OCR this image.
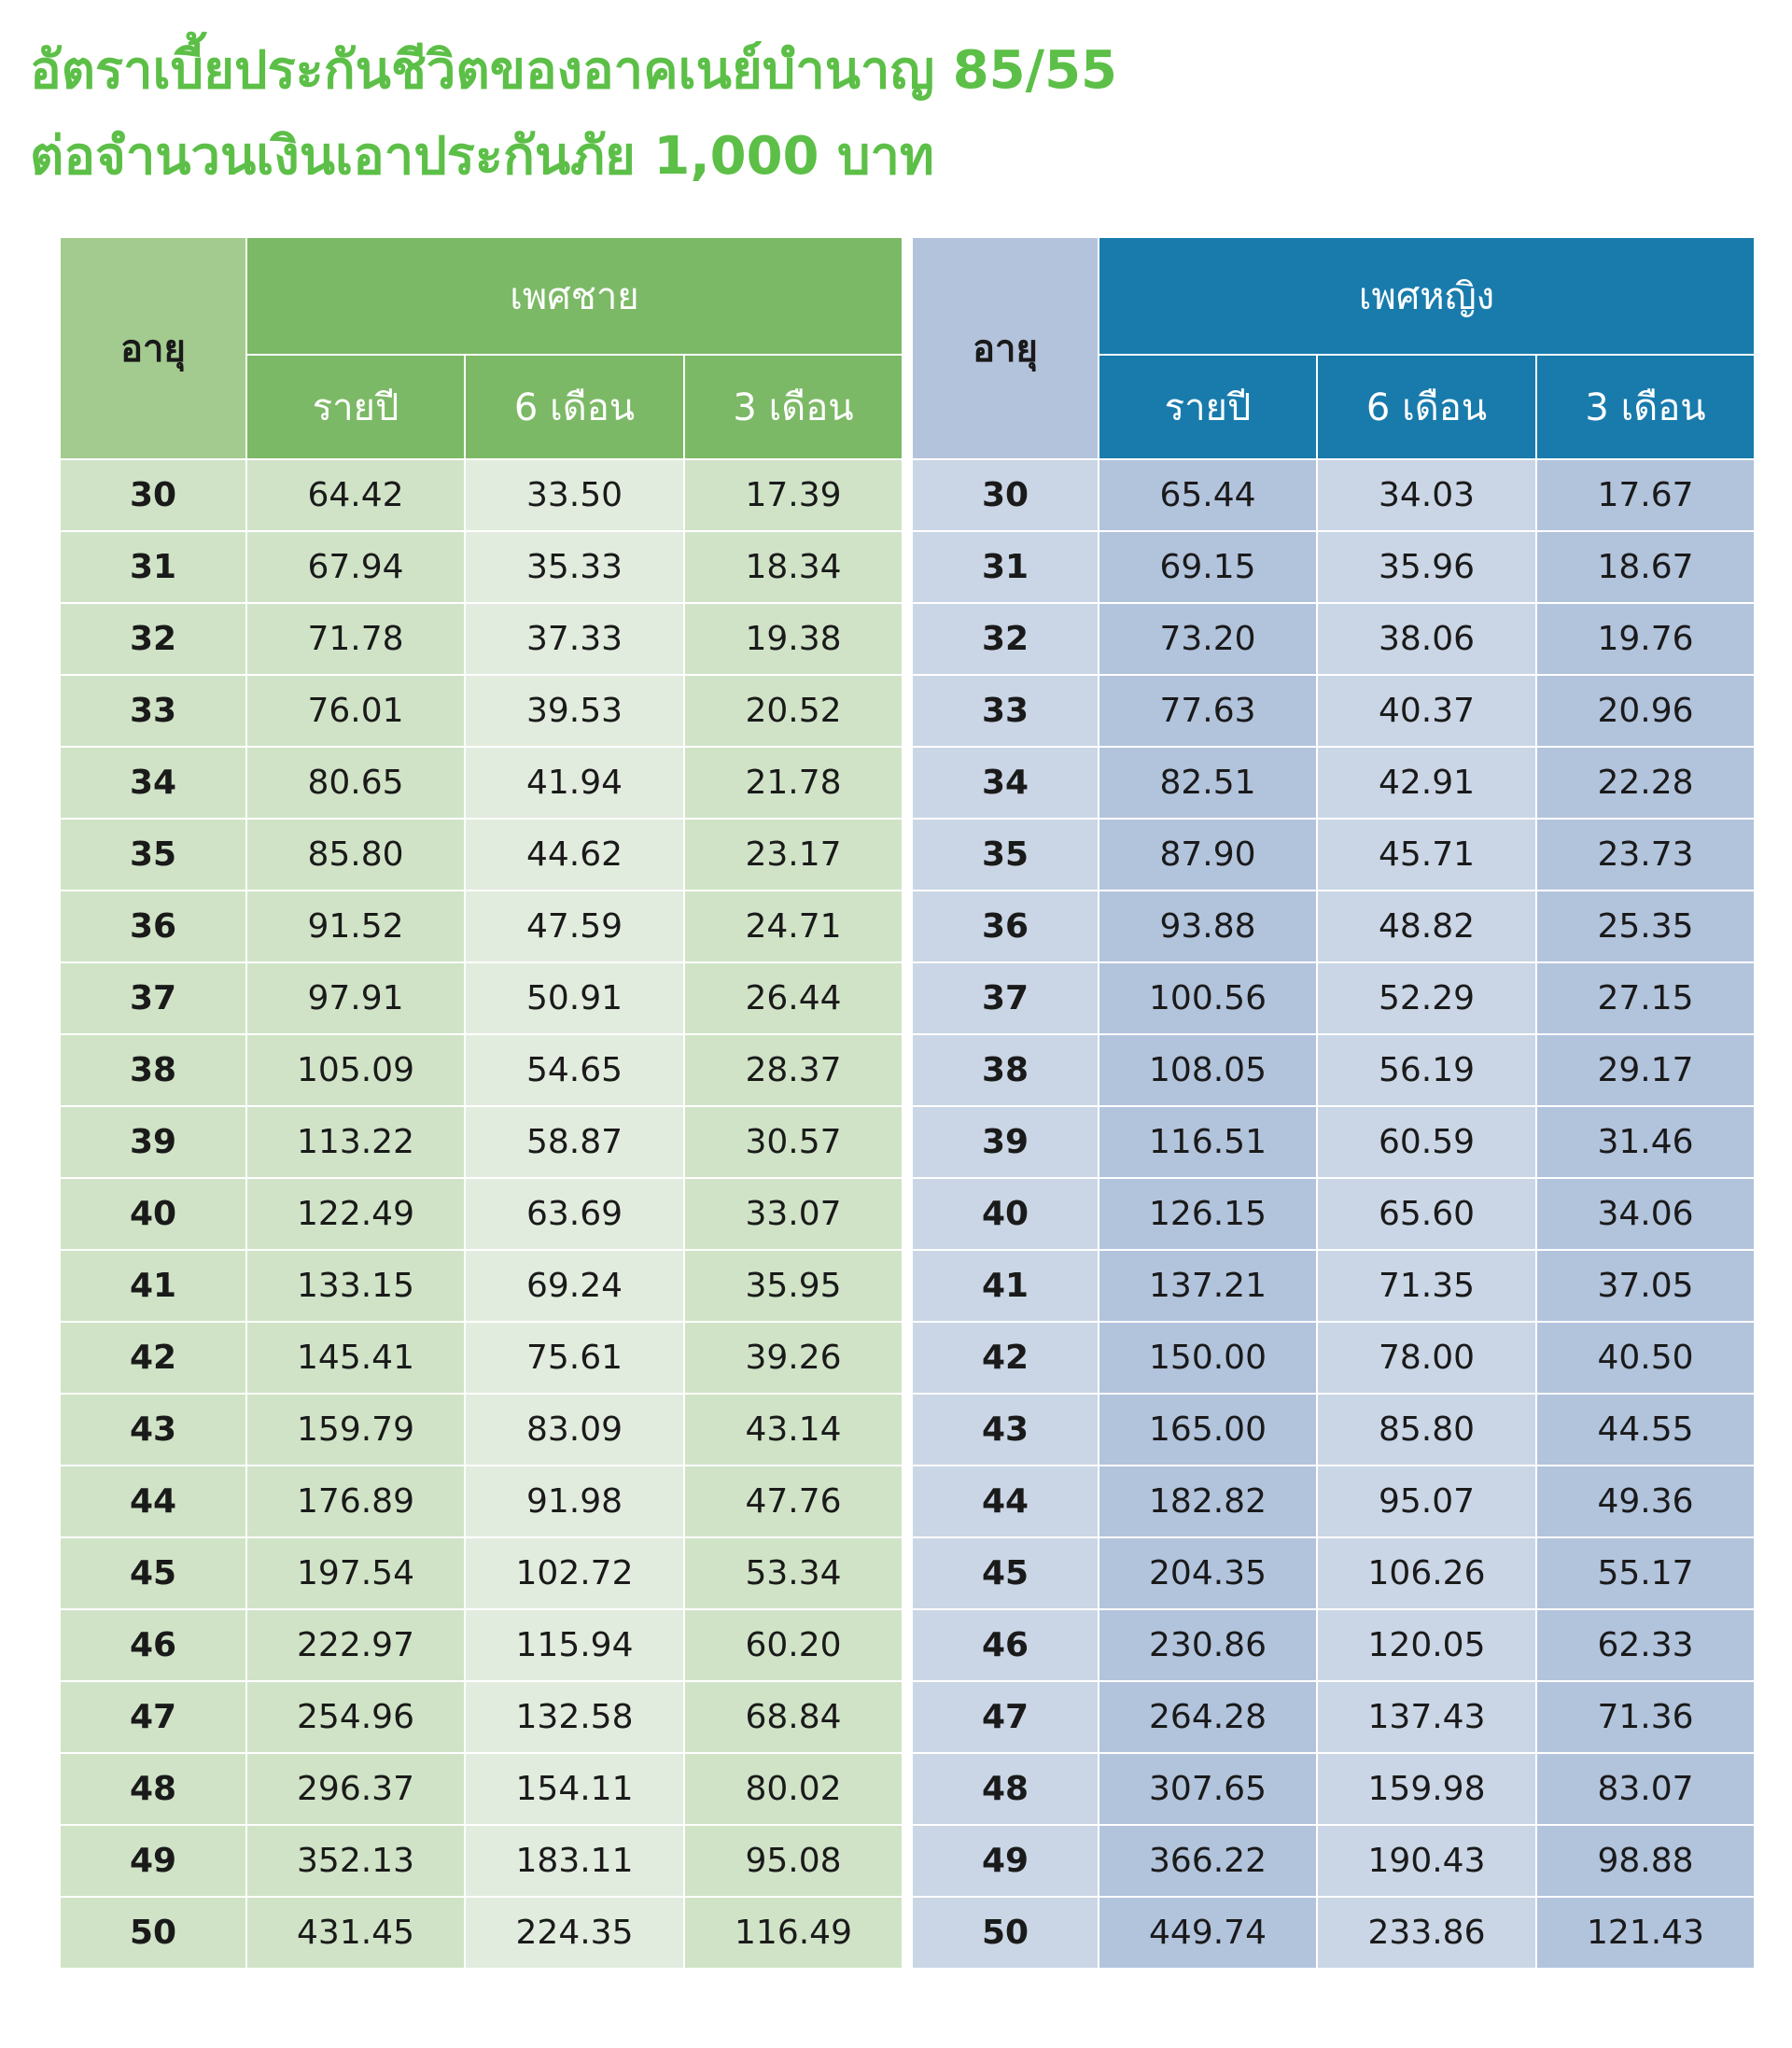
อัตราเบี้ยประกันชีวิตของอาคเนย์บำนาญ 85/55
ต่อจำนวนเงินเอาประกันภัย 1,000 บาท
อายุ	เพศชาย		
	รายปี	6 เดือน	3 เดือน
30	64.42	33.50	17.39
31	67.94	35.33	18.34
32	71.78	37.33	19.38
33	76.01	39.53	20.52
34	80.65	41.94	21.78
35	85.80	44.62	23.17
36	91.52	47.59	24.71
37	97.91	50.91	26.44
38	105.09	54.65	28.37
39	113.22	58.87	30.57
40	122.49	63.69	33.07
41	133.15	69.24	35.95
42	145.41	75.61	39.26
43	159.79	83.09	43.14
44	176.89	91.98	47.76
45	197.54	102.72	53.34
46	222.97	115.94	60.20
47	254.96	132.58	68.84
48	296.37	154.11	80.02
49	352.13	183.11	95.08
50	431.45	224.35	116.49
อายุ	เพศหญิง		
	รายปี	6 เดือน	3 เดือน
30	65.44	34.03	17.67
31	69.15	35.96	18.67
32	73.20	38.06	19.76
33	77.63	40.37	20.96
34	82.51	42.91	22.28
35	87.90	45.71	23.73
36	93.88	48.82	25.35
37	100.56	52.29	27.15
38	108.05	56.19	29.17
39	116.51	60.59	31.46
40	126.15	65.60	34.06
41	137.21	71.35	37.05
42	150.00	78.00	40.50
43	165.00	85.80	44.55
44	182.82	95.07	49.36
45	204.35	106.26	55.17
46	230.86	120.05	62.33
47	264.28	137.43	71.36
48	307.65	159.98	83.07
49	366.22	190.43	98.88
50	449.74	233.86	121.43
